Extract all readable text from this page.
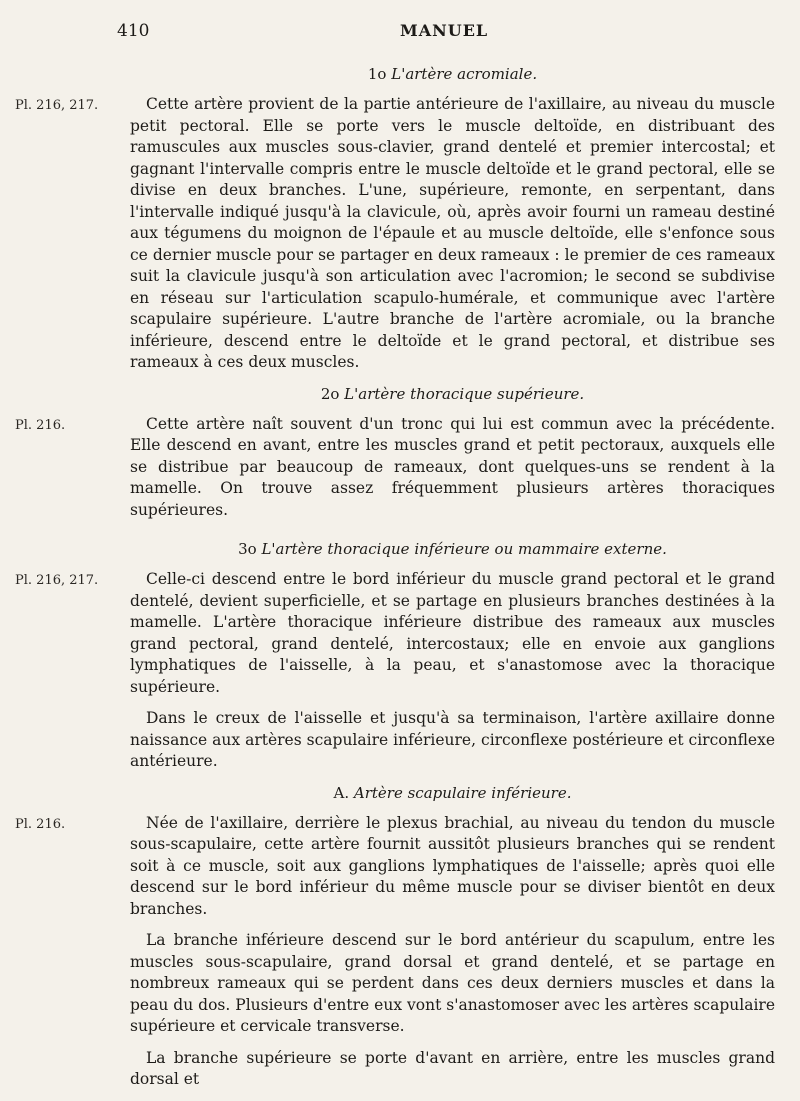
410	MANUEL
1o L'artère acromiale.

Pl. 216, 217.	Cette artère provient de la partie antérieure de l'axillaire, au niveau du muscle petit pectoral. Elle se porte vers le muscle deltoïde, en distribuant des ramuscules aux muscles sous-clavier, grand dentelé et premier intercostal; et gagnant l'intervalle compris entre le muscle deltoïde et le grand pectoral, elle se divise en deux branches. L'une, supérieure, remonte, en serpentant, dans l'intervalle indiqué jusqu'à la clavicule, où, après avoir fourni un rameau destiné aux tégumens du moignon de l'épaule et au muscle deltoïde, elle s'enfonce sous ce dernier muscle pour se partager en deux rameaux : le premier de ces rameaux suit la clavicule jusqu'à son articulation avec l'acromion; le second se subdivise en réseau sur l'articulation scapulo-humérale, et communique avec l'artère scapulaire supérieure. L'autre branche de l'artère acromiale, ou la branche inférieure, descend entre le deltoïde et le grand pectoral, et distribue ses rameaux à ces deux muscles.

2o L'artère thoracique supérieure.

Pl. 216.	Cette artère naît souvent d'un tronc qui lui est commun avec la précédente. Elle descend en avant, entre les muscles grand et petit pectoraux, auxquels elle se distribue par beaucoup de rameaux, dont quelques-uns se rendent à la mamelle. On trouve assez fréquemment plusieurs artères thoraciques supérieures.

3o L'artère thoracique inférieure ou mammaire externe.

Pl. 216, 217.	Celle-ci descend entre le bord inférieur du muscle grand pectoral et le grand dentelé, devient superficielle, et se partage en plusieurs branches destinées à la mamelle. L'artère thoracique inférieure distribue des rameaux aux muscles grand pectoral, grand dentelé, intercostaux; elle en envoie aux ganglions lymphatiques de l'aisselle, à la peau, et s'anastomose avec la thoracique supérieure.

Dans le creux de l'aisselle et jusqu'à sa terminaison, l'artère axillaire donne naissance aux artères scapulaire inférieure, circonflexe postérieure et circonflexe antérieure.

A. Artère scapulaire inférieure.

Pl. 216.	Née de l'axillaire, derrière le plexus brachial, au niveau du tendon du muscle sous-scapulaire, cette artère fournit aussitôt plusieurs branches qui se rendent soit à ce muscle, soit aux ganglions lymphatiques de l'aisselle; après quoi elle descend sur le bord inférieur du même muscle pour se diviser bientôt en deux branches.

La branche inférieure descend sur le bord antérieur du scapulum, entre les muscles sous-scapulaire, grand dorsal et grand dentelé, et se partage en nombreux rameaux qui se perdent dans ces deux derniers muscles et dans la peau du dos. Plusieurs d'entre eux vont s'anastomoser avec les artères scapulaire supérieure et cervicale transverse.

La branche supérieure se porte d'avant en arrière, entre les muscles grand dorsal et
